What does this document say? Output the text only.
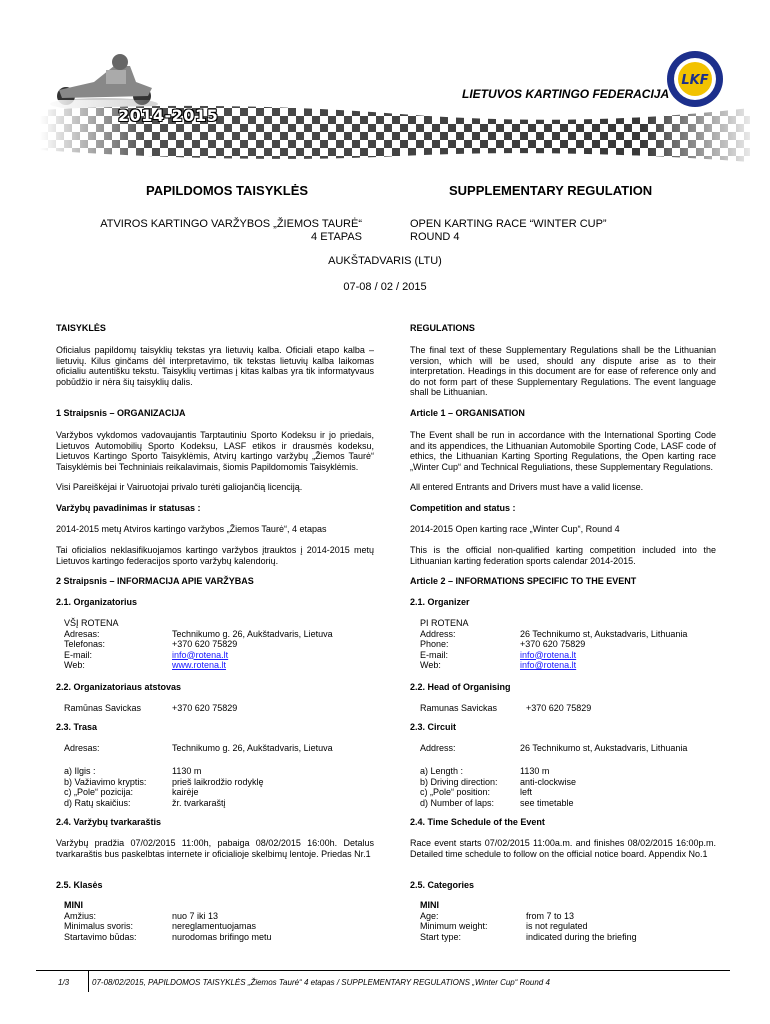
2014-2015
LIETUVOS KARTINGO FEDERACIJA
LKF
PAPILDOMOS TAISYKLĖS	SUPPLEMENTARY REGULATION
ATVIROS KARTINGO VARŽYBOS „ŽIEMOS TAURĖ“
4 ETAPAS
OPEN KARTING RACE “WINTER CUP”
ROUND 4
AUKŠTADVARIS (LTU)
07-08 / 02 / 2015
TAISYKLĖS
Oficialus papildomų taisyklių tekstas yra lietuvių kalba. Oficiali etapo kalba – lietuvių. Kilus ginčams dėl interpretavimo, tik tekstas lietuvių kalba laikomas oficialiu autentišku tekstu. Taisyklių vertimas į kitas kalbas yra tik informatyvaus pobūdžio ir nėra šių taisyklių dalis.
1 Straipsnis – ORGANIZACIJA
Varžybos vykdomos vadovaujantis Tarptautiniu Sporto Kodeksu ir jo priedais, Lietuvos Automobilių Sporto Kodeksu, LASF etikos ir drausmės kodeksu, Lietuvos Kartingo Sporto Taisyklėmis, Atvirų kartingo varžybų „Žiemos Taurė“ Taisyklėmis bei Techniniais reikalavimais, šiomis Papildomomis Taisyklėmis.
Visi Pareiškėjai ir Vairuotojai privalo turėti galiojančią licenciją.
Varžybų pavadinimas ir statusas :
2014-2015 metų Atviros kartingo varžybos „Žiemos Taurė“, 4 etapas
Tai oficialios neklasifikuojamos kartingo varžybos įtrauktos į 2014-2015 metų Lietuvos kartingo federacijos sporto varžybų kalendorių.
2 Straipsnis – INFORMACIJA APIE VARŽYBAS
2.1. Organizatorius
VŠĮ ROTENA
Adresas:	Technikumo g. 26, Aukštadvaris, Lietuva
Telefonas:	+370 620 75829
E-mail:	info@rotena.lt
Web:	www.rotena.lt
2.2. Organizatoriaus atstovas
Ramūnas Savickas	+370 620 75829
2.3. Trasa
Adresas:	Technikumo g. 26, Aukštadvaris, Lietuva
a) Ilgis :	1130 m
b) Važiavimo kryptis:	prieš laikrodžio rodyklę
c) „Pole“ pozicija:	kairėje
d) Ratų skaičius:	žr. tvarkaraštį
2.4. Varžybų tvarkaraštis
Varžybų pradžia 07/02/2015 11:00h, pabaiga 08/02/2015 16:00h. Detalus tvarkaraštis bus paskelbtas internete ir oficialioje skelbimų lentoje. Priedas Nr.1
2.5. Klasės
MINI
Amžius:	nuo 7 iki 13
Minimalus svoris:	nereglamentuojamas
Startavimo būdas:	nurodomas brifingo metu
REGULATIONS
The final text of these Supplementary Regulations shall be the Lithuanian version, which will be used, should any dispute arise as to their interpretation. Headings in this document are for ease of reference only and do not form part of these Supplementary Regulations. The event language shall be Lithuanian.
Article 1 – ORGANISATION
The Event shall be run in accordance with the International Sporting Code and its appendices, the Lithuanian Automobile Sporting Code, LASF code of ethics, the Lithuanian Karting Sporting Regulations, the Open karting race „Winter Cup“ and Technical Reguliations, these Supplementary Regulations.
All entered Entrants and Drivers must have a valid license.
Competition and status :
2014-2015 Open karting race „Winter Cup“, Round 4
This is the official non-qualified karting competition included into the Lithuanian karting federation sports calendar 2014-2015.
Article 2 – INFORMATIONS SPECIFIC TO THE EVENT
2.1. Organizer
PI ROTENA
Address:	26 Technikumo st, Aukstadvaris, Lithuania
Phone:	+370 620 75829
E-mail:	info@rotena.lt
Web:	info@rotena.lt
2.2. Head of Organising
Ramunas Savickas	+370 620 75829
2.3. Circuit
Address:	26 Technikumo st, Aukstadvaris, Lithuania
a) Length :	1130 m
b) Driving direction: anti-clockwise
c) „Pole“ position:	left
d) Number of laps:	see timetable
2.4. Time Schedule of the Event
Race event starts 07/02/2015 11:00a.m. and finishes 08/02/2015 16:00p.m. Detailed time schedule to follow on the official notice board. Appendix No.1
2.5. Categories
MINI
Age:	from 7 to 13
Minimum weight:	is not regulated
Start type:	indicated during the briefing
1/3	07-08/02/2015, PAPILDOMOS TAISYKLĖS „Žiemos Taurė“ 4 etapas / SUPPLEMENTARY REGULATIONS „Winter Cup“ Round 4
